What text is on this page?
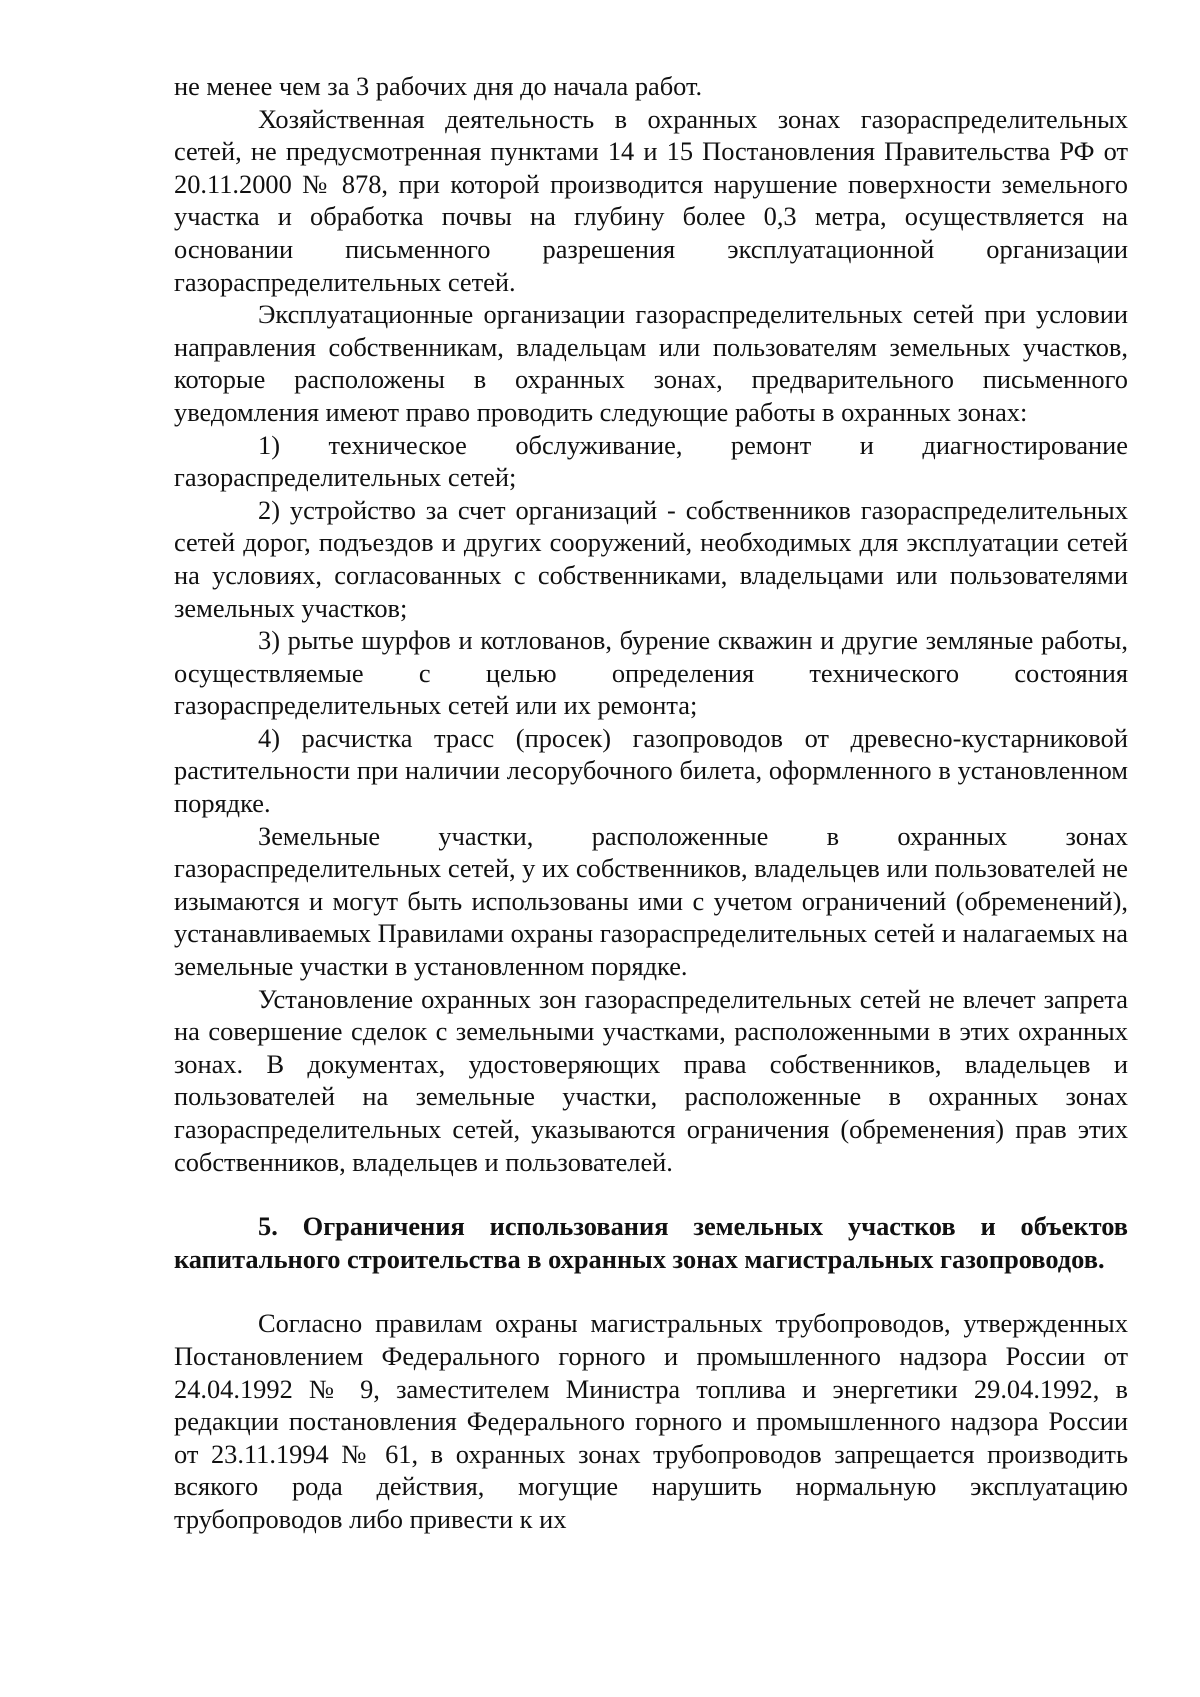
не менее чем за 3 рабочих дня до начала работ.

Хозяйственная деятельность в охранных зонах газораспределительных сетей, не предусмотренная пунктами 14 и 15 Постановления Правительства РФ от 20.11.2000 № 878, при которой производится нарушение поверхности земельного участка и обработка почвы на глубину более 0,3 метра, осуществляется на основании письменного разрешения эксплуатационной организации газораспределительных сетей.

Эксплуатационные организации газораспределительных сетей при условии направления собственникам, владельцам или пользователям земельных участков, которые расположены в охранных зонах, предварительного письменного уведомления имеют право проводить следующие работы в охранных зонах:

1) техническое обслуживание, ремонт и диагностирование газораспределительных сетей;

2) устройство за счет организаций - собственников газораспределительных сетей дорог, подъездов и других сооружений, необходимых для эксплуатации сетей на условиях, согласованных с собственниками, владельцами или пользователями земельных участков;

3) рытье шурфов и котлованов, бурение скважин и другие земляные работы, осуществляемые с целью определения технического состояния газораспределительных сетей или их ремонта;

4) расчистка трасс (просек) газопроводов от древесно-кустарниковой растительности при наличии лесорубочного билета, оформленного в установленном порядке.

Земельные участки, расположенные в охранных зонах газораспределительных сетей, у их собственников, владельцев или пользователей не изымаются и могут быть использованы ими с учетом ограничений (обременений), устанавливаемых Правилами охраны газораспределительных сетей и налагаемых на земельные участки в установленном порядке.

Установление охранных зон газораспределительных сетей не влечет запрета на совершение сделок с земельными участками, расположенными в этих охранных зонах. В документах, удостоверяющих права собственников, владельцев и пользователей на земельные участки, расположенные в охранных зонах газораспределительных сетей, указываются ограничения (обременения) прав этих собственников, владельцев и пользователей.

5. Ограничения использования земельных участков и объектов капитального строительства в охранных зонах магистральных газопроводов.

Согласно правилам охраны магистральных трубопроводов, утвержденных Постановлением Федерального горного и промышленного надзора России от 24.04.1992 № 9, заместителем Министра топлива и энергетики 29.04.1992, в редакции постановления Федерального горного и промышленного надзора России от 23.11.1994 № 61, в охранных зонах трубопроводов запрещается производить всякого рода действия, могущие нарушить нормальную эксплуатацию трубопроводов либо привести к их
